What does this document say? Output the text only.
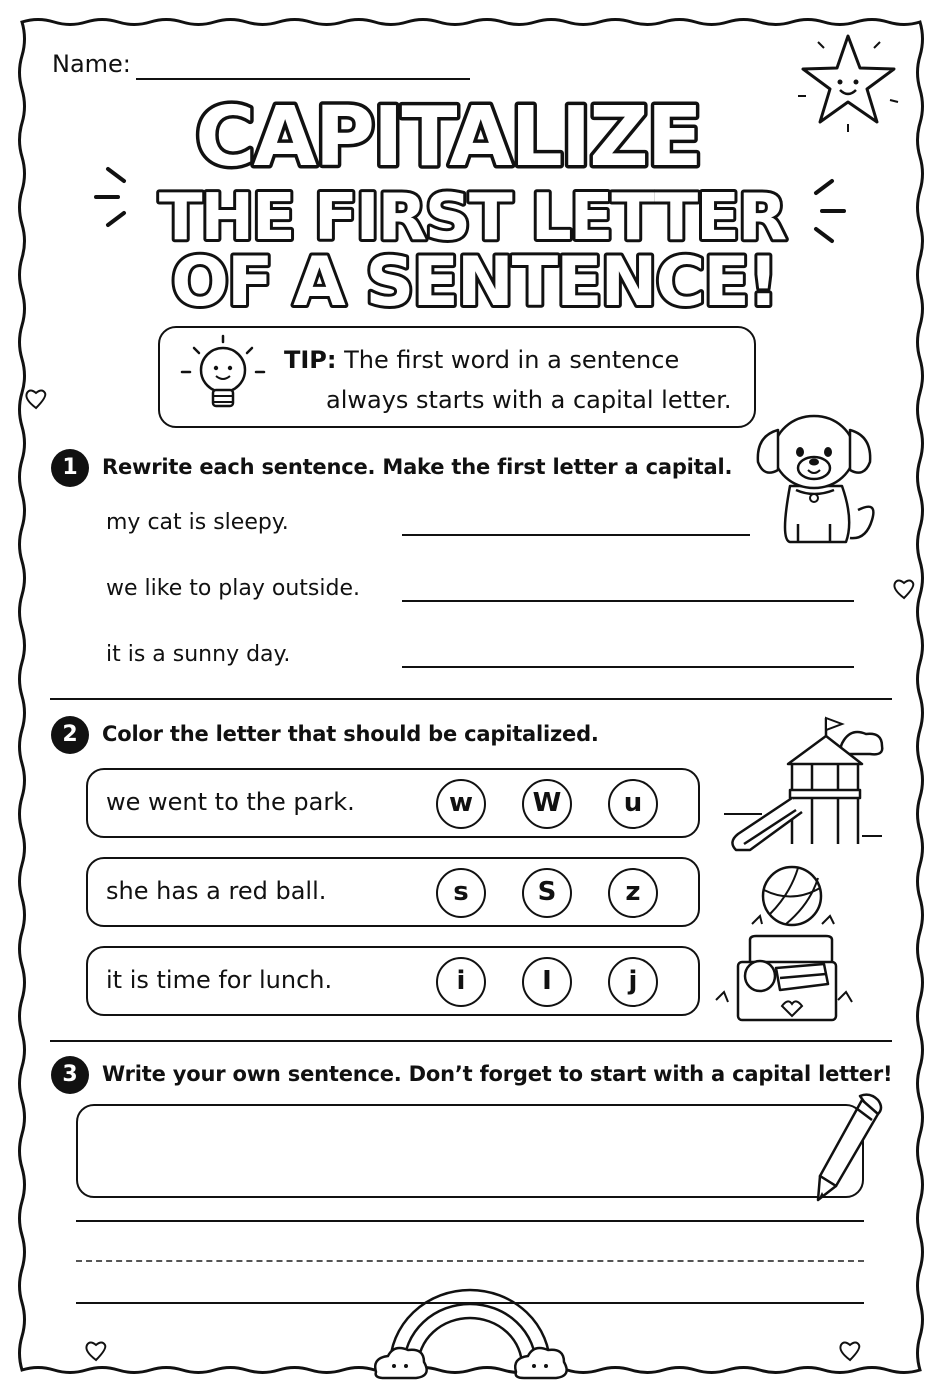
Name:
CAPITALIZE
THE FIRST LETTER
OF A SENTENCE!
TIP: The first word in a sentence
always starts with a capital letter.
1	Rewrite each sentence. Make the first letter a capital.
my cat is sleepy.
we like to play outside.
it is a sunny day.
2	Color the letter that should be capitalized.
we went to the park.	w	W	u
she has a red ball.	s	S	z
it is time for lunch.	i	I	j
3	Write your own sentence. Don’t forget to start with a capital letter!
